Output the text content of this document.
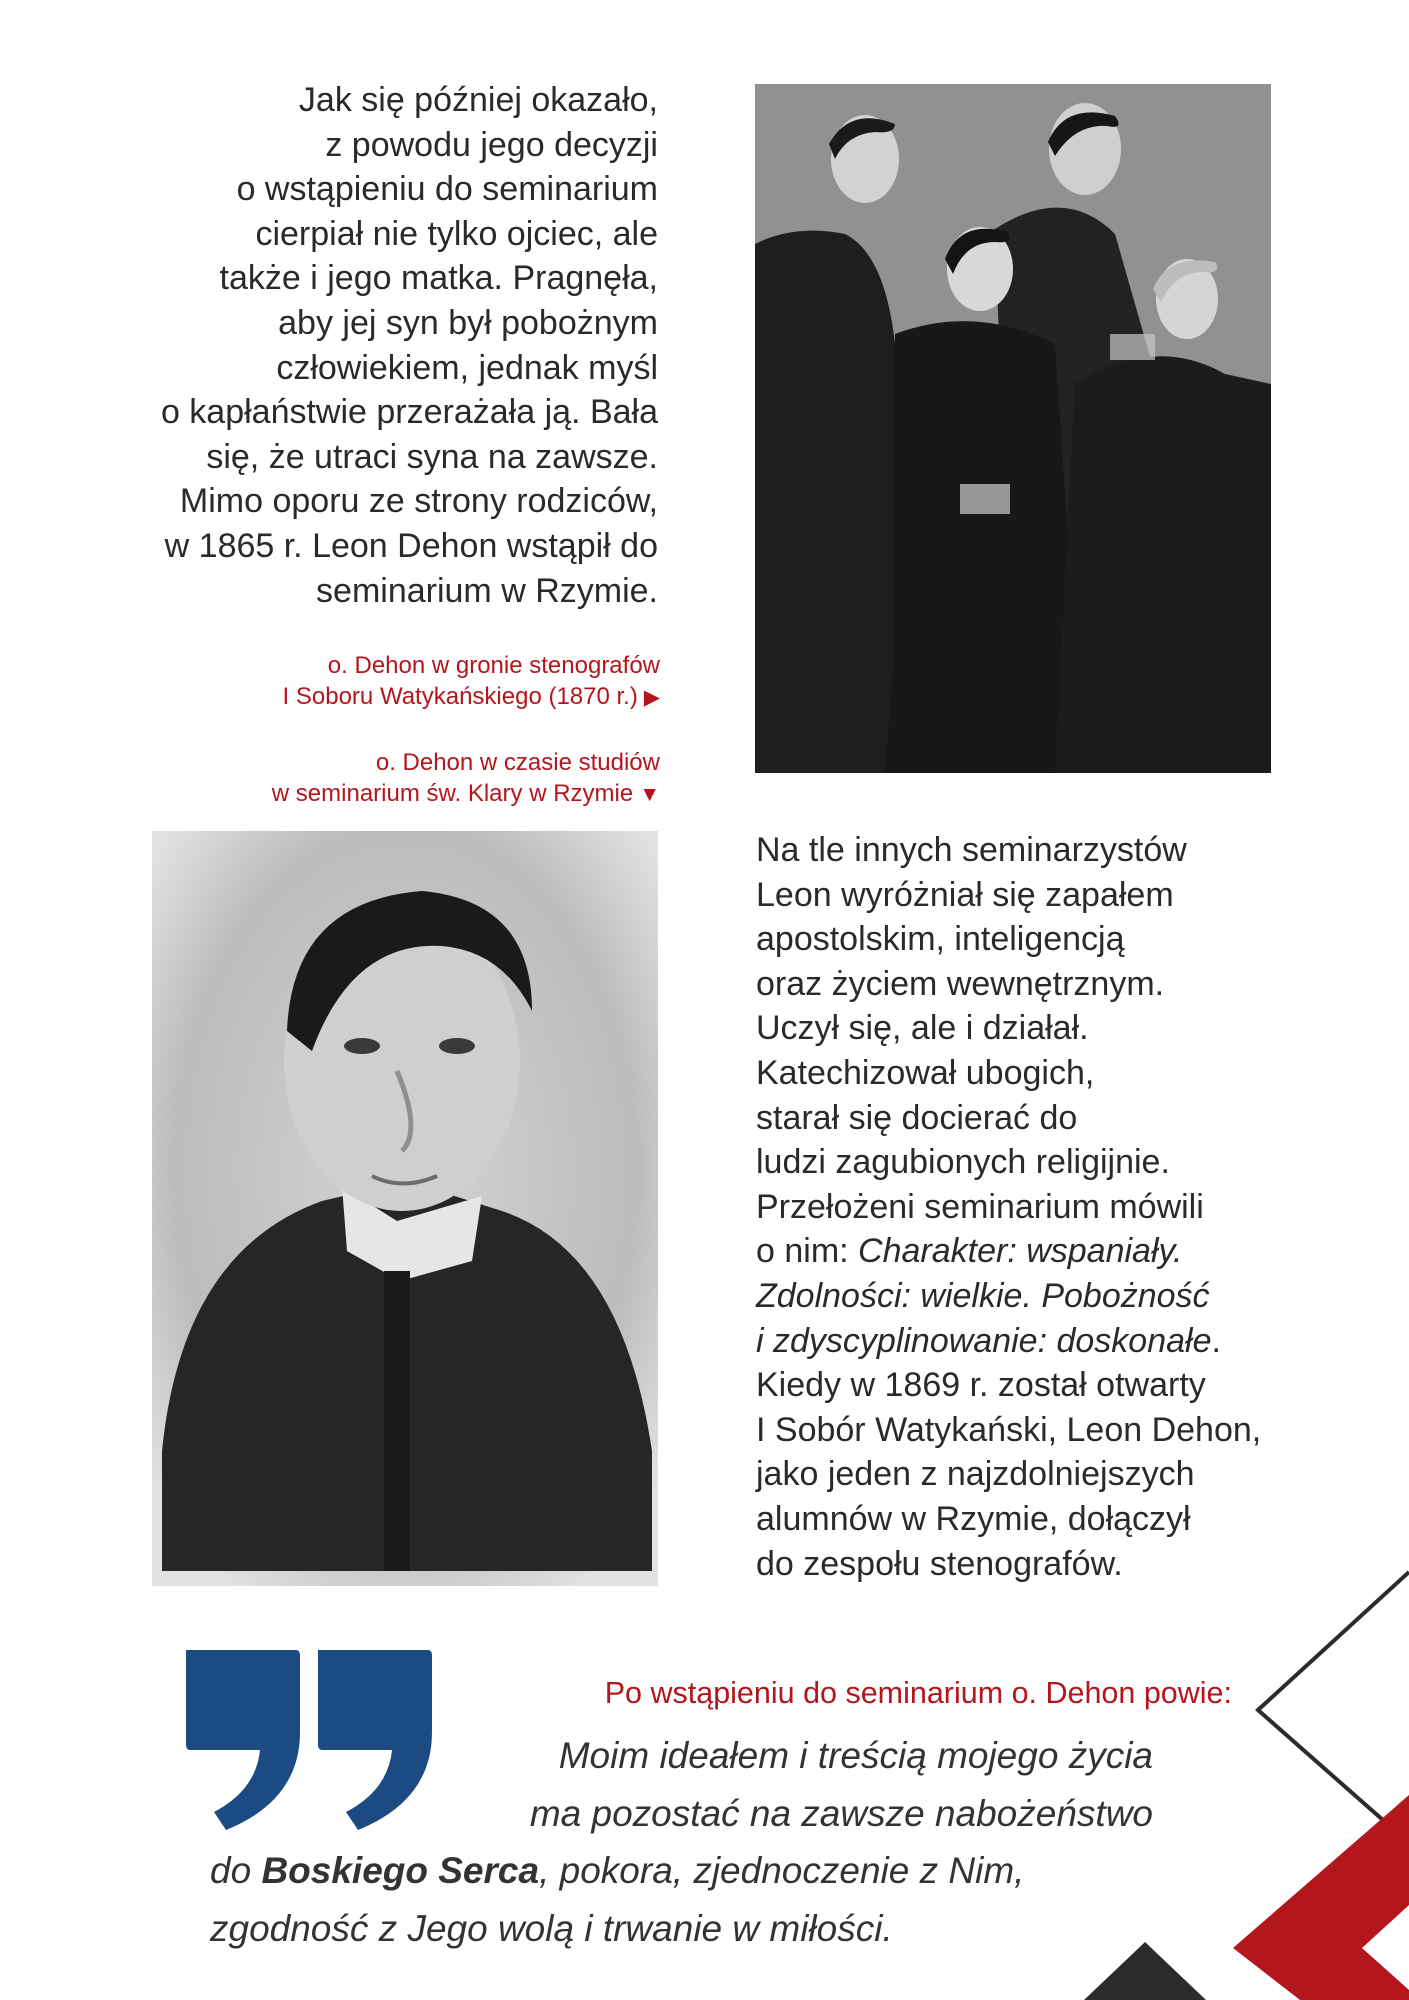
Jak się później okazało,
z powodu jego decyzji
o wstąpieniu do seminarium
cierpiał nie tylko ojciec, ale
także i jego matka. Pragnęła,
aby jej syn był pobożnym
człowiekiem, jednak myśl
o kapłaństwie przerażała ją. Bała
się, że utraci syna na zawsze.
Mimo oporu ze strony rodziców,
w 1865 r. Leon Dehon wstąpił do
seminarium w Rzymie.

o. Dehon w gronie stenografów
I Soboru Watykańskiego (1870 r.) ▶

o. Dehon w czasie studiów
w seminarium św. Klary w Rzymie ▼

Na tle innych seminarzystów
Leon wyróżniał się zapałem
apostolskim, inteligencją
oraz życiem wewnętrznym.
Uczył się, ale i działał.
Katechizował ubogich,
starał się docierać do
ludzi zagubionych religijnie.
Przełożeni seminarium mówili
o nim: Charakter: wspaniały.
Zdolności: wielkie. Pobożność
i zdyscyplinowanie: doskonałe.
Kiedy w 1869 r. został otwarty
I Sobór Watykański, Leon Dehon,
jako jeden z najzdolniejszych
alumnów w Rzymie, dołączył
do zespołu stenografów.

Po wstąpieniu do seminarium o. Dehon powie:

Moim ideałem i treścią mojego życia
ma pozostać na zawsze nabożeństwo
do Boskiego Serca, pokora, zjednoczenie z Nim,
zgodność z Jego wolą i trwanie w miłości.
